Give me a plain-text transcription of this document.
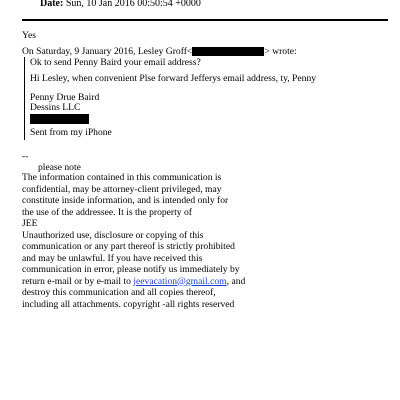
Date: Sun, 10 Jan 2016 00:50:54 +0000
Yes
On Saturday, 9 January 2016, Lesley Groff<	> wrote:
Ok to send Penny Baird your email address?
Hi Lesley, when convenient Plse forward Jefferys email address, ty, Penny
Penny Drue Baird
Dessins LLC
Sent from my iPhone
--
please note
The information contained in this communication is
confidential, may be attorney-client privileged, may
constitute inside information, and is intended only for
the use of the addressee. It is the property of
JEE
Unauthorized use, disclosure or copying of this
communication or any part thereof is strictly prohibited
and may be unlawful. If you have received this
communication in error, please notify us immediately by
return e-mail or by e-mail to jeevacation@gmail.com, and
destroy this communication and all copies thereof,
including all attachments. copyright -all rights reserved
